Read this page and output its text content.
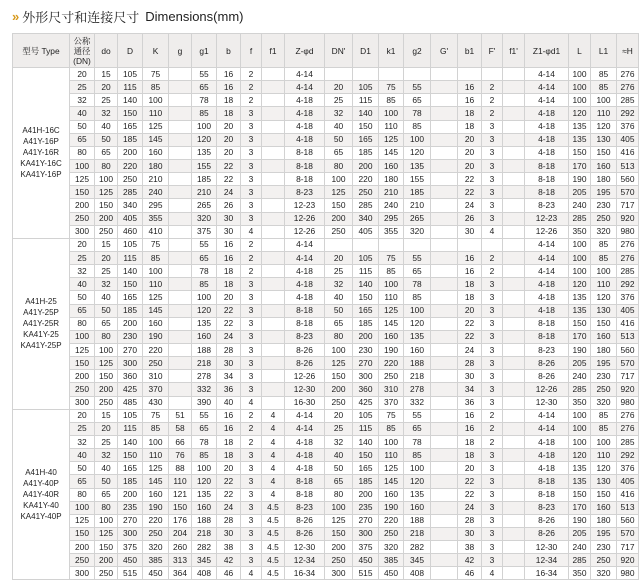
» 外形尺寸和连接尺寸 Dimensions(mm)
型号 Type	公称通径 (DN)	do	D	K	g	g1	b	f	f1	Z-φd	DN'	D1	k1	g2	G'	b1	F'	f1'	Z1-φd1	L	L1	≈H

A41H-16C
A41Y-16P
A41Y-16R
KA41Y-16C
KA41Y-16P	20	15	105	75		55	16	2		4-14									4-14	100	85	276
	25	20	115	85		65	16	2		4-14	20	105	75	55		16	2		4-14	100	85	276
	32	25	140	100		78	18	2		4-18	25	115	85	65		16	2		4-14	100	100	285
	40	32	150	110		85	18	3		4-18	32	140	100	78		18	2		4-18	120	110	292
	50	40	165	125		100	20	3		4-18	40	150	110	85		18	3		4-18	135	120	376
	65	50	185	145		120	20	3		4-18	50	165	125	100		20	3		4-18	135	130	405
	80	65	200	160		135	20	3		8-18	65	185	145	120		20	3		4-18	150	150	416
	100	80	220	180		155	22	3		8-18	80	200	160	135		20	3		8-18	170	160	513
	125	100	250	210		185	22	3		8-18	100	220	180	155		22	3		8-18	190	180	560
	150	125	285	240		210	24	3		8-23	125	250	210	185		22	3		8-18	205	195	570
	200	150	340	295		265	26	3		12-23	150	285	240	210		24	3		8-23	240	230	717
	250	200	405	355		320	30	3		12-26	200	340	295	265		26	3		12-23	285	250	920
	300	250	460	410		375	30	4		12-26	250	405	355	320		30	4		12-26	350	320	980

A41H-25
A41Y-25P
A41Y-25R
KA41Y-25
KA41Y-25P	20	15	105	75		55	16	2		4-14									4-14	100	85	276
	25	20	115	85		65	16	2		4-14	20	105	75	55		16	2		4-14	100	85	276
	32	25	140	100		78	18	2		4-18	25	115	85	65		16	2		4-14	100	100	285
	40	32	150	110		85	18	3		4-18	32	140	100	78		18	3		4-18	120	110	292
	50	40	165	125		100	20	3		4-18	40	150	110	85		18	3		4-18	135	120	376
	65	50	185	145		120	22	3		8-18	50	165	125	100		20	3		4-18	135	130	405
	80	65	200	160		135	22	3		8-18	65	185	145	120		22	3		8-18	150	150	416
	100	80	230	190		160	24	3		8-23	80	200	160	135		22	3		8-18	170	160	513
	125	100	270	220		188	28	3		8-26	100	230	190	160		24	3		8-23	190	180	560
	150	125	300	250		218	30	3		8-26	125	270	220	188		28	3		8-26	205	195	570
	200	150	360	310		278	34	3		12-26	150	300	250	218		30	3		8-26	240	230	717
	250	200	425	370		332	36	3		12-30	200	360	310	278		34	3		12-26	285	250	920
	300	250	485	430		390	40	4		16-30	250	425	370	332		36	3		12-30	350	320	980

A41H-40
A41Y-40P
A41Y-40R
KA41Y-40
KA41Y-40P	20	15	105	75	51	55	16	2	4	4-14	20	105	75	55		16	2		4-14	100	85	276
	25	20	115	85	58	65	16	2	4	4-14	25	115	85	65		16	2		4-14	100	85	276
	32	25	140	100	66	78	18	2	4	4-18	32	140	100	78		18	2		4-18	100	100	285
	40	32	150	110	76	85	18	3	4	4-18	40	150	110	85		18	3		4-18	120	110	292
	50	40	165	125	88	100	20	3	4	4-18	50	165	125	100		20	3		4-18	135	120	376
	65	50	185	145	110	120	22	3	4	8-18	65	185	145	120		22	3		8-18	135	130	405
	80	65	200	160	121	135	22	3	4	8-18	80	200	160	135		22	3		8-18	150	150	416
	100	80	235	190	150	160	24	3	4.5	8-23	100	235	190	160		24	3		8-23	170	160	513
	125	100	270	220	176	188	28	3	4.5	8-26	125	270	220	188		28	3		8-26	190	180	560
	150	125	300	250	204	218	30	3	4.5	8-26	150	300	250	218		30	3		8-26	205	195	570
	200	150	375	320	260	282	38	3	4.5	12-30	200	375	320	282		38	3		12-30	240	230	717
	250	200	450	385	313	345	42	3	4.5	12-34	250	450	385	345		42	3		12-34	285	250	920
	300	250	515	450	364	408	46	4	4.5	16-34	300	515	450	408		46	4		16-34	350	320	980
